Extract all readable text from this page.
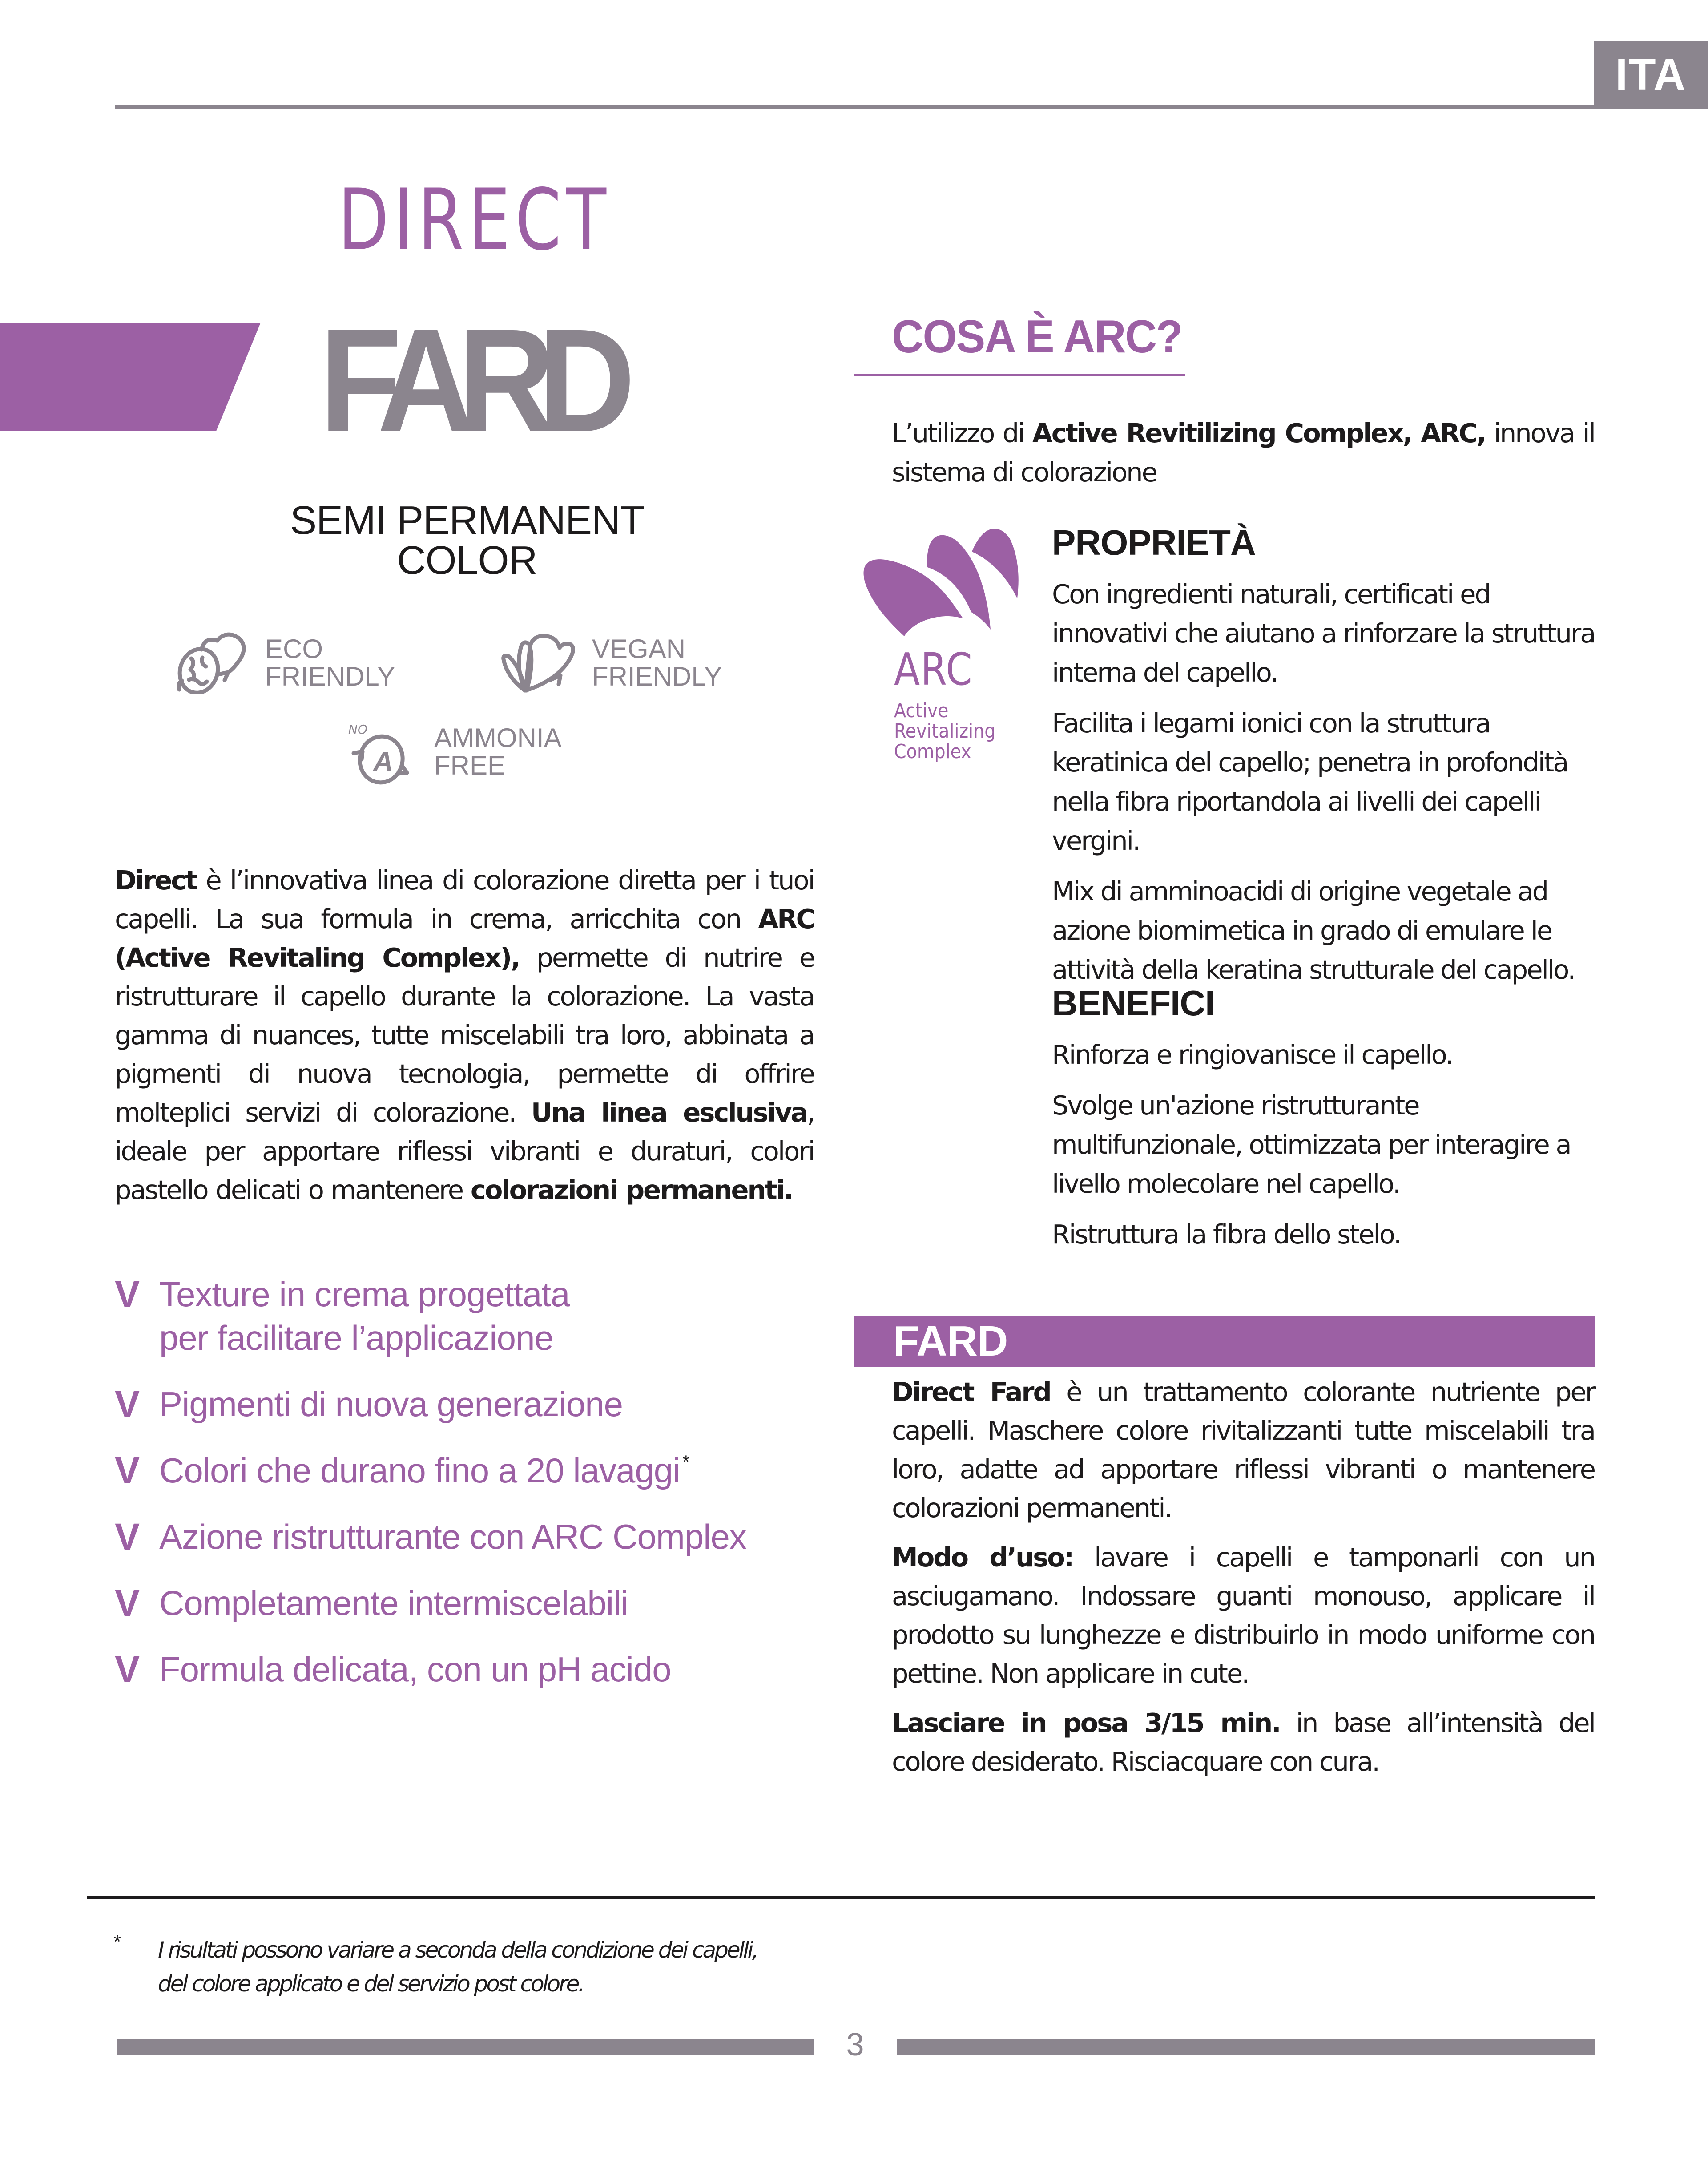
ITA
DIRECT
FARD
SEMI PERMANENT COLOR
ECO
FRIENDLY
VEGAN
FRIENDLY
NO
A
AMMONIA
FREE

Direct è l’innovativa linea di colorazione diretta per i tuoi capelli. La sua formula in crema, arricchita con ARC (Active Revitaling Complex), permette di nutrire e ristrutturare il capello durante la colorazione. La vasta gamma di nuances, tutte miscelabili tra loro, abbinata a pigmenti di nuova tecnologia, permette di offrire molteplici servizi di colorazione. Una linea esclusiva, ideale per apportare riflessi vibranti e duraturi, colori pastello delicati o mantenere colorazioni permanenti.

V Texture in crema progettata
per facilitare l’applicazione
V Pigmenti di nuova generazione
V Colori che durano fino a 20 lavaggi*
V Azione ristrutturante con ARC Complex
V Completamente intermiscelabili
V Formula delicata, con un pH acido
COSA È ARC?

L’utilizzo di Active Revitilizing Complex, ARC, innova il sistema di colorazione

ARC
Active
Revitalizing
Complex
PROPRIETÀ

Con ingredienti naturali, certificati ed innovativi che aiutano a rinforzare la struttura interna del capello.

Facilita i legami ionici con la struttura keratinica del capello; penetra in profondità nella fibra riportandola ai livelli dei capelli vergini.

Mix di amminoacidi di origine vegetale ad azione biomimetica in grado di emulare le attività della keratina strutturale del capello.

BENEFICI

Rinforza e ringiovanisce il capello.

Svolge un'azione ristrutturante multifunzionale, ottimizzata per interagire a livello molecolare nel capello.

Ristruttura la fibra dello stelo.

FARD

Direct Fard è un trattamento colorante nutriente per capelli. Maschere colore rivitalizzanti tutte miscelabili tra loro, adatte ad apportare riflessi vibranti o mantenere colorazioni permanenti.

Modo d’uso: lavare i capelli e tamponarli con un asciugamano. Indossare guanti monouso, applicare il prodotto su lunghezze e distribuirlo in modo uniforme con pettine. Non applicare in cute.

Lasciare in posa 3/15 min. in base all’intensità del colore desiderato. Risciacquare con cura.

* I risultati possono variare a seconda della condizione dei capelli,
del colore applicato e del servizio post colore.
3
